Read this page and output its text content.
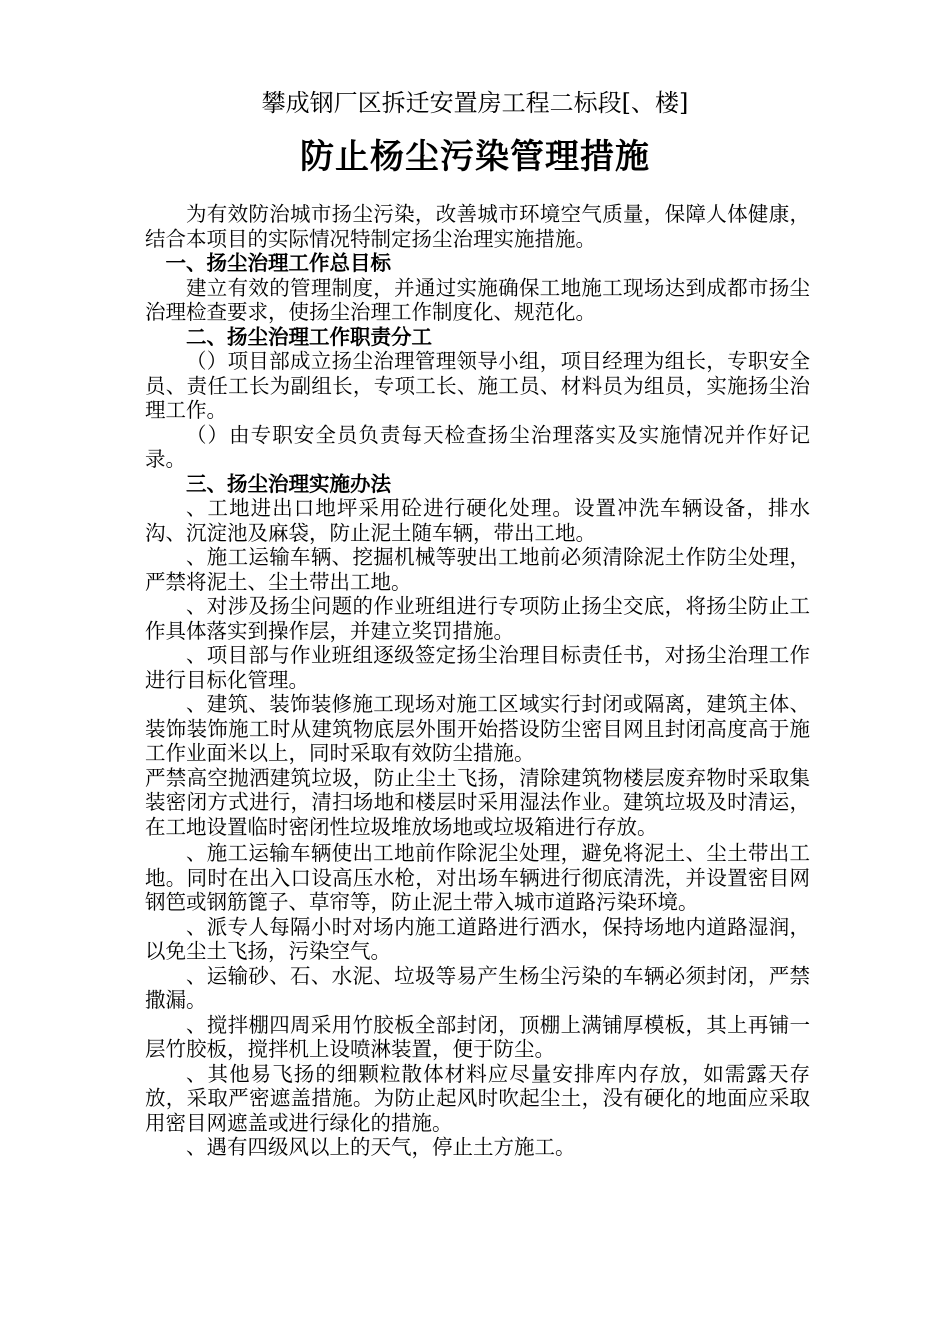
攀成钢厂区拆迁安置房工程二标段[、楼]
防止杨尘污染管理措施

为有效防治城市扬尘污染，改善城市环境空气质量，保障人体健康，结合本项目的实际情况特制定扬尘治理实施措施。

一、扬尘治理工作总目标

建立有效的管理制度，并通过实施确保工地施工现场达到成都市扬尘治理检查要求，使扬尘治理工作制度化、规范化。

二、扬尘治理工作职责分工

（）项目部成立扬尘治理管理领导小组，项目经理为组长，专职安全员、责任工长为副组长，专项工长、施工员、材料员为组员，实施扬尘治理工作。

（）由专职安全员负责每天检查扬尘治理落实及实施情况并作好记录。

三、扬尘治理实施办法

、工地进出口地坪采用砼进行硬化处理。设置冲洗车辆设备，排水沟、沉淀池及麻袋，防止泥土随车辆，带出工地。

、施工运输车辆、挖掘机械等驶出工地前必须清除泥土作防尘处理，严禁将泥土、尘土带出工地。

、对涉及扬尘问题的作业班组进行专项防止扬尘交底，将扬尘防止工作具体落实到操作层，并建立奖罚措施。

、项目部与作业班组逐级签定扬尘治理目标责任书，对扬尘治理工作进行目标化管理。

、建筑、装饰装修施工现场对施工区域实行封闭或隔离，建筑主体、装饰装饰施工时从建筑物底层外围开始搭设防尘密目网且封闭高度高于施工作业面米以上，同时采取有效防尘措施。

严禁高空抛洒建筑垃圾，防止尘土飞扬，清除建筑物楼层废弃物时采取集装密闭方式进行，清扫场地和楼层时采用湿法作业。建筑垃圾及时清运，在工地设置临时密闭性垃圾堆放场地或垃圾箱进行存放。

、施工运输车辆使出工地前作除泥尘处理，避免将泥土、尘土带出工地。同时在出入口设高压水枪，对出场车辆进行彻底清洗，并设置密目网钢笆或钢筋篦子、草帘等，防止泥土带入城市道路污染环境。

、派专人每隔小时对场内施工道路进行洒水，保持场地内道路湿润，以免尘土飞扬，污染空气。

、运输砂、石、水泥、垃圾等易产生杨尘污染的车辆必须封闭，严禁撒漏。

、搅拌棚四周采用竹胶板全部封闭，顶棚上满铺厚模板，其上再铺一层竹胶板，搅拌机上设喷淋装置，便于防尘。

、其他易飞扬的细颗粒散体材料应尽量安排库内存放，如需露天存放，采取严密遮盖措施。为防止起风时吹起尘土，没有硬化的地面应采取用密目网遮盖或进行绿化的措施。

、遇有四级风以上的天气，停止土方施工。
